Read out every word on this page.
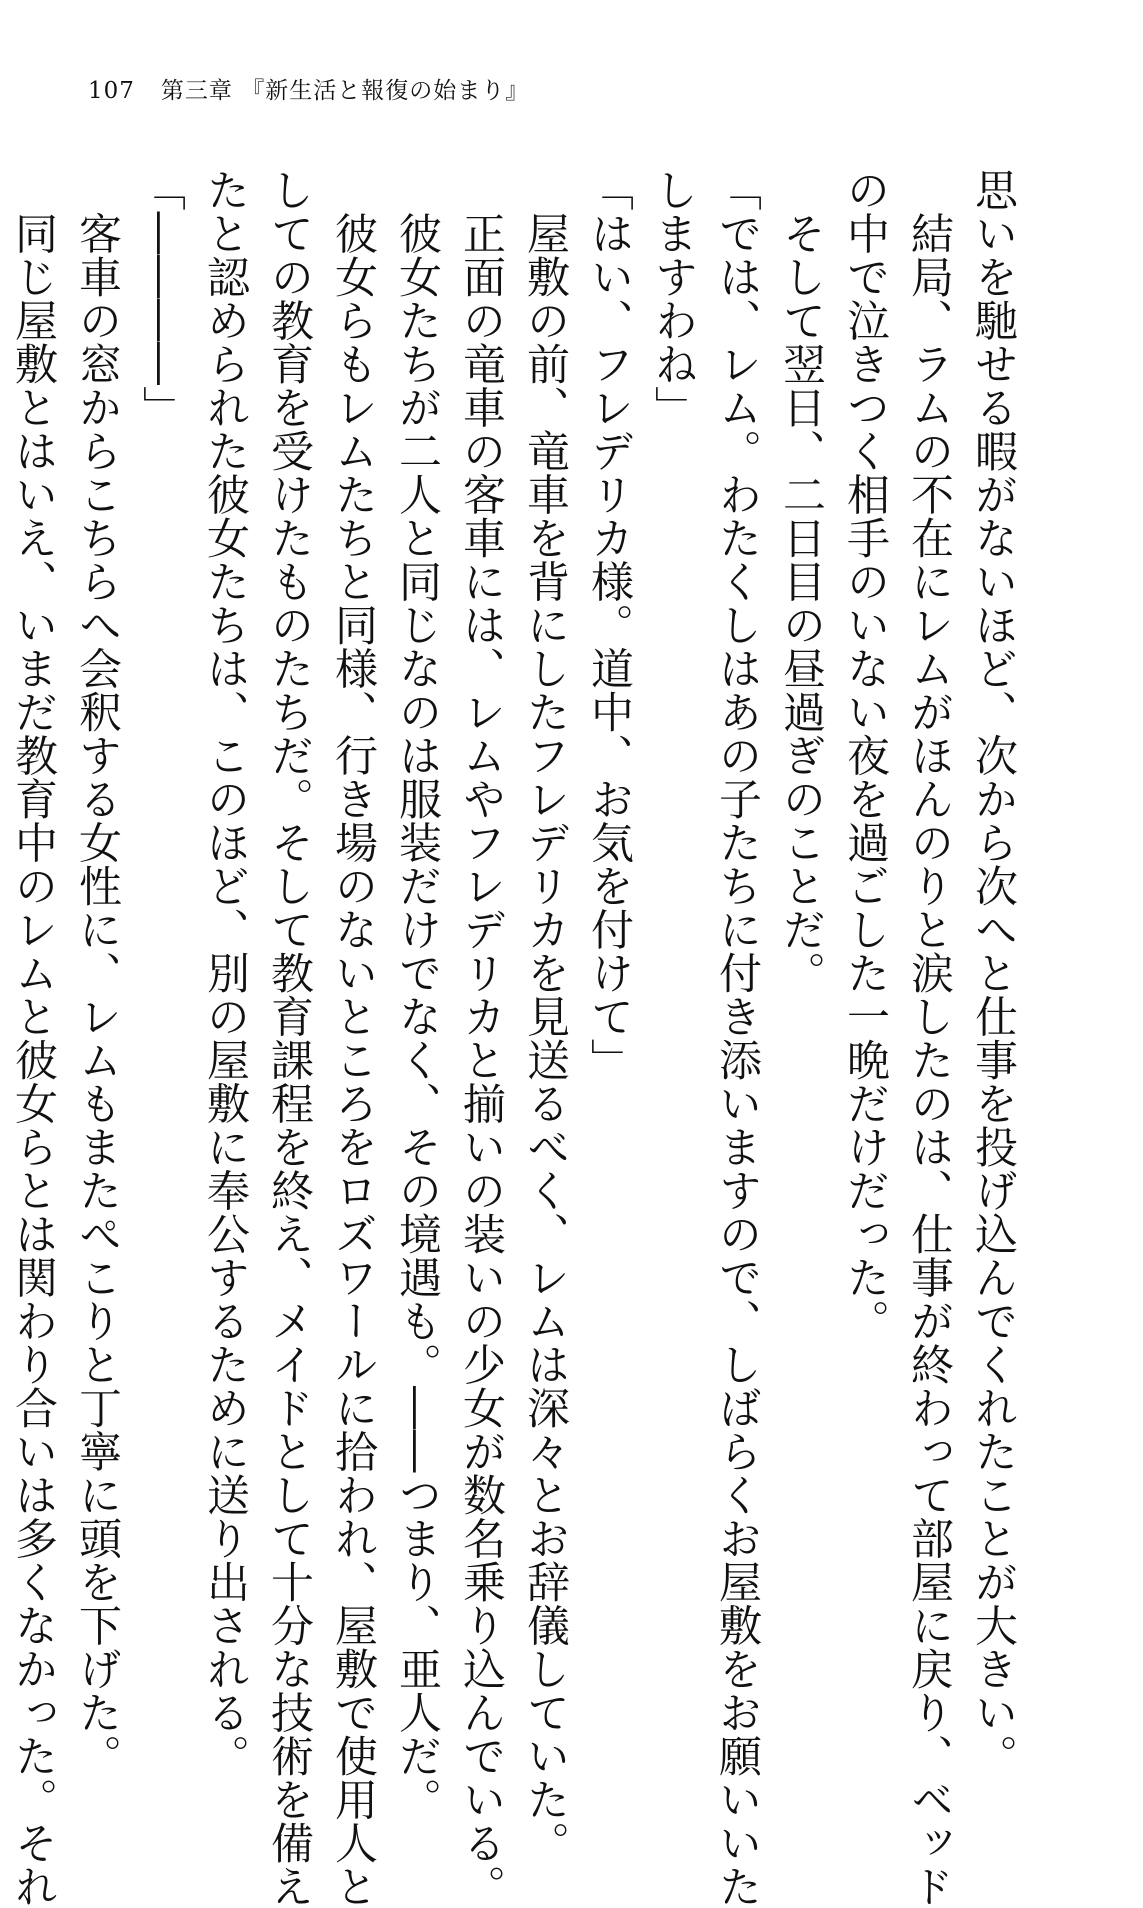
107 第三章 『新生活と報復の始まり』
思いを馳せる暇がないほど、次から次へと仕事を投げ込んでくれたことが大きい。
　結局、ラムの不在にレムがほんのりと涙したのは、仕事が終わって部屋に戻り、ベッド
の中で泣きつく相手のいない夜を過ごした一晩だけだった。
　そして翌日、二日目の昼過ぎのことだ。
「では、レム。わたくしはあの子たちに付き添いますので、しばらくお屋敷をお願いいた
しますわね」
「はい、フレデリカ様。道中、お気を付けて」
　屋敷の前、竜車を背にしたフレデリカを見送るべく、レムは深々とお辞儀していた。
　正面の竜車の客車には、レムやフレデリカと揃いの装いの少女が数名乗り込んでいる。
　彼女たちが二人と同じなのは服装だけでなく、その境遇も。――つまり、亜人だ。
　彼女らもレムたちと同様、行き場のないところをロズワールに拾われ、屋敷で使用人と
しての教育を受けたものたちだ。そして教育課程を終え、メイドとして十分な技術を備え
たと認められた彼女たちは、このほど、別の屋敷に奉公するために送り出される。
「――――」
　客車の窓からこちらへ会釈する女性に、レムもまたぺこりと丁寧に頭を下げた。
　同じ屋敷とはいえ、いまだ教育中のレムと彼女らとは関わり合いは多くなかった。それ
